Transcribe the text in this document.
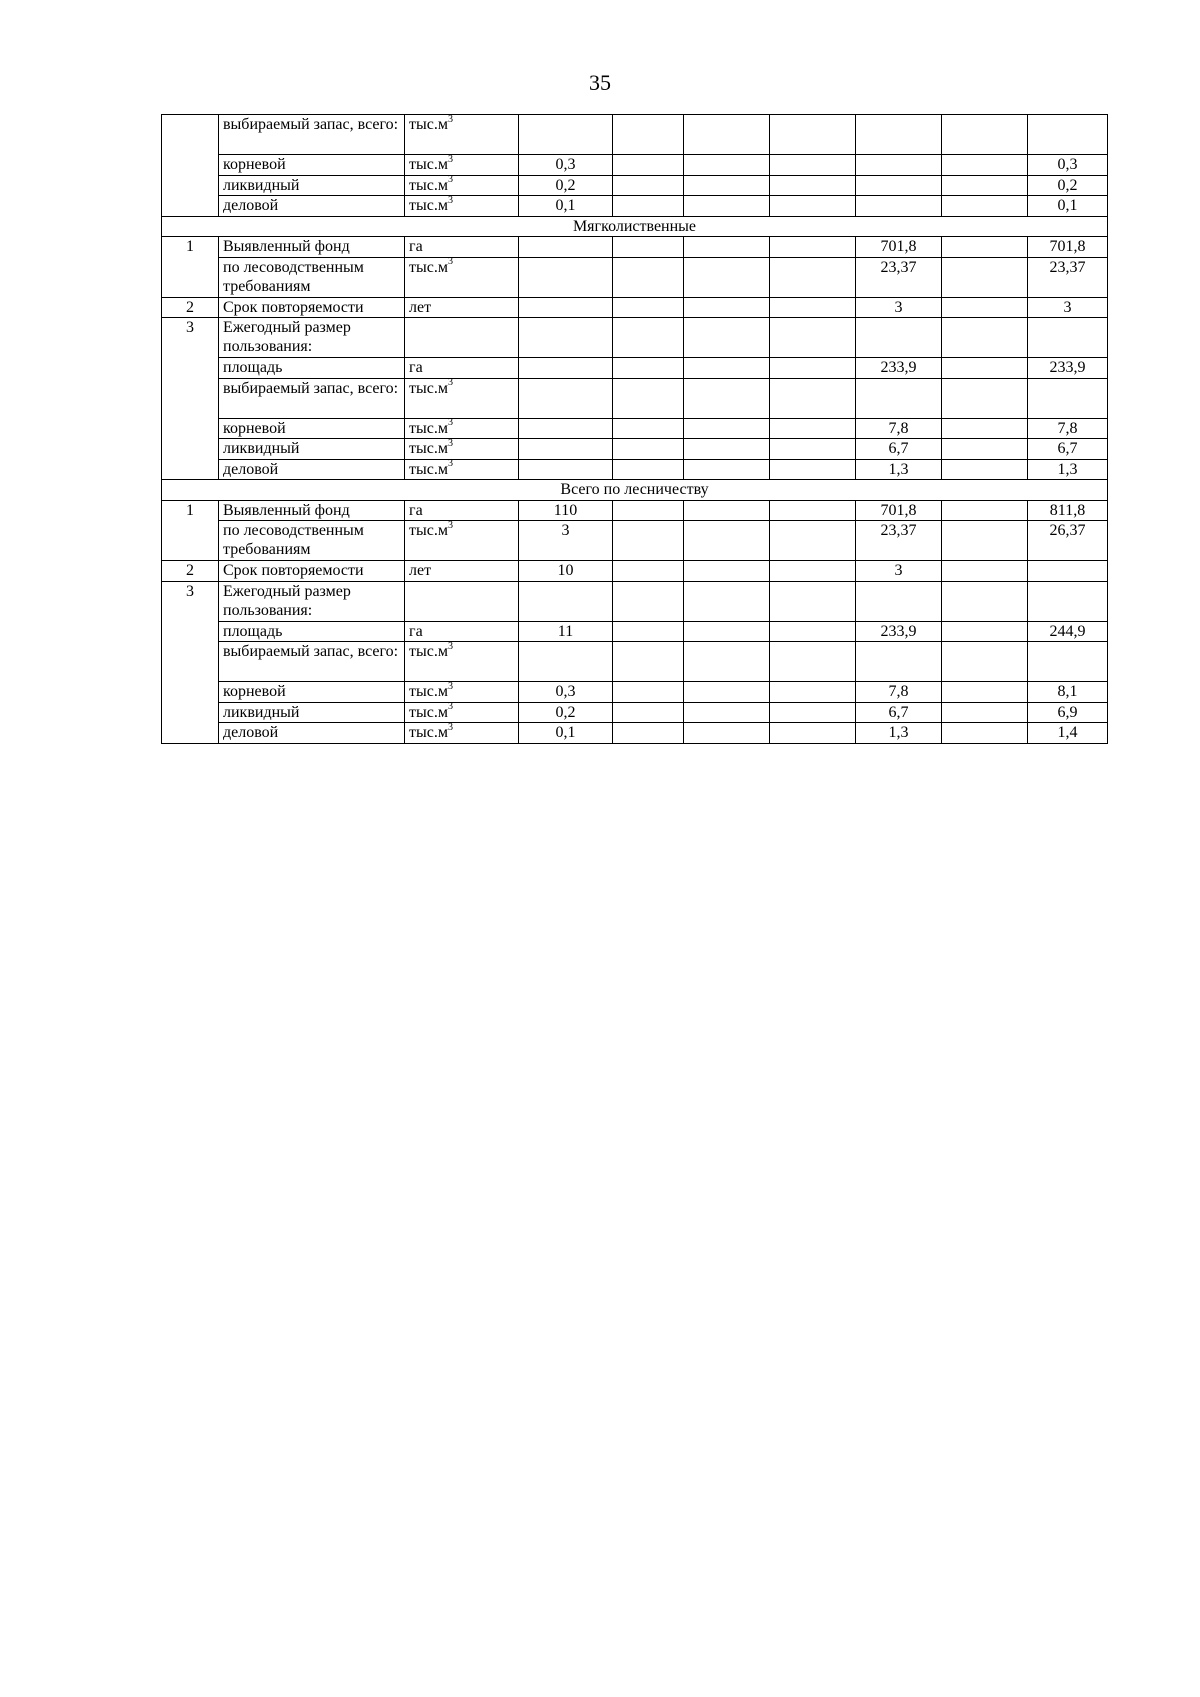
35
	выбираемый запас, всего:	$тыс.м^3$							
	корневой	$тыс.м^3$	0,3						0,3
	ликвидный	$тыс.м^3$	0,2						0,2
	деловой	$тыс.м^3$	0,1						0,1
Мягколиственные									
1	Выявленный фонд	га					701,8		701,8
	по лесоводственным требованиям	$тыс.м^3$					23,37		23,37
2	Срок повторяемости	лет					3		3
3	Ежегодный размер пользования:								
	площадь	га					233,9		233,9
	выбираемый запас, всего:	$тыс.м^3$							
	корневой	$тыс.м^3$					7,8		7,8
	ликвидный	$тыс.м^3$					6,7		6,7
	деловой	$тыс.м^3$					1,3		1,3
Всего по лесничеству									
1	Выявленный фонд	га	110				701,8		811,8
	по лесоводственным требованиям	$тыс.м^3$	3				23,37		26,37
2	Срок повторяемости	лет	10				3		
3	Ежегодный размер пользования:								
	площадь	га	11				233,9		244,9
	выбираемый запас, всего:	$тыс.м^3$							
	корневой	$тыс.м^3$	0,3				7,8		8,1
	ликвидный	$тыс.м^3$	0,2				6,7		6,9
	деловой	$тыс.м^3$	0,1				1,3		1,4
